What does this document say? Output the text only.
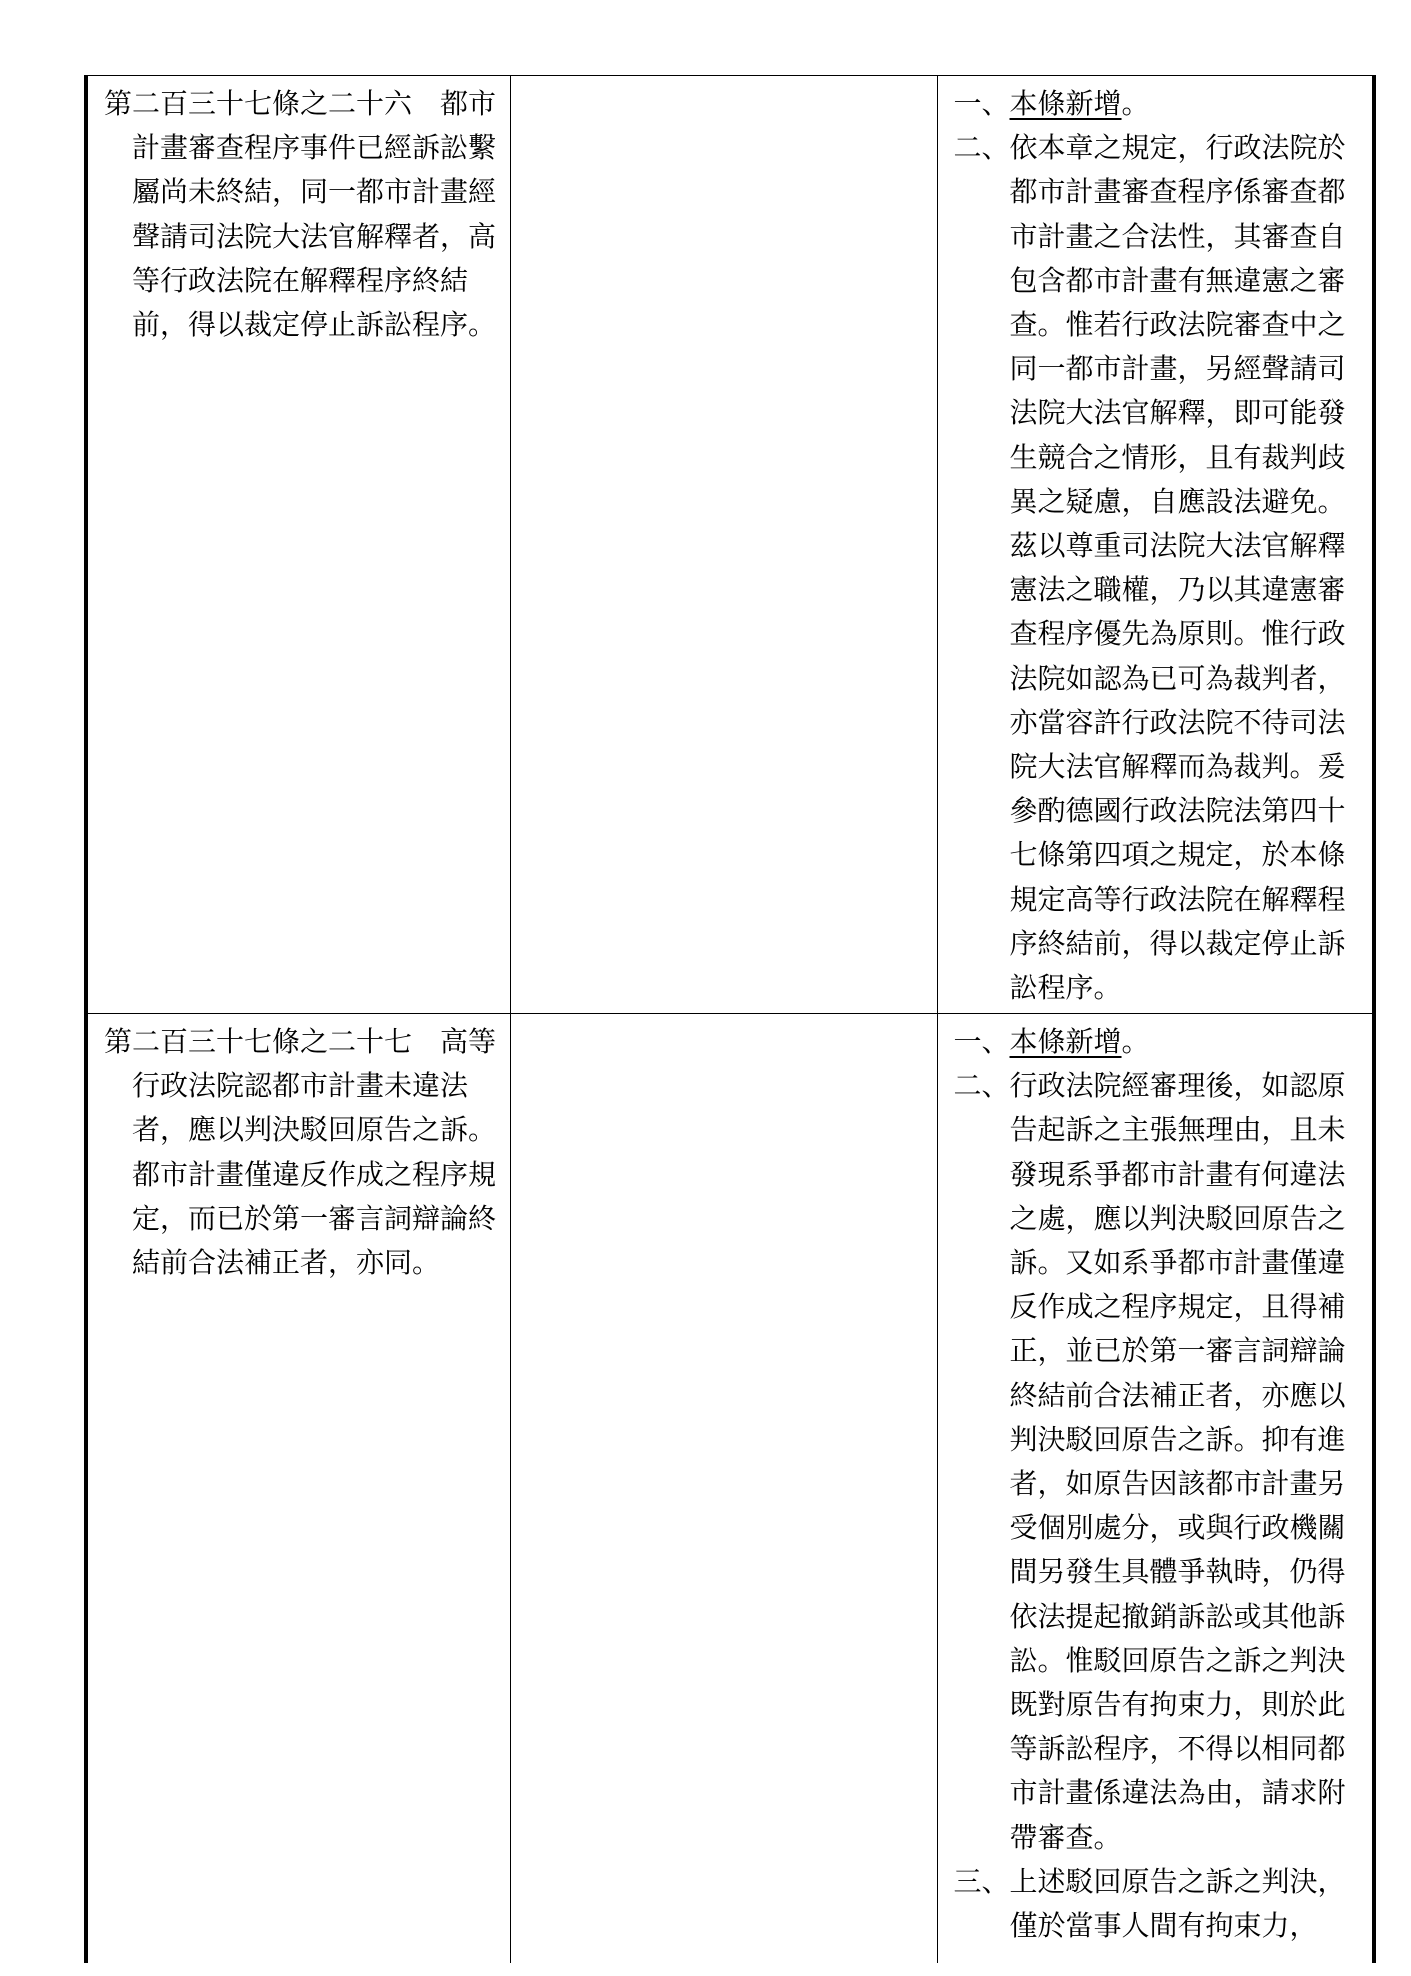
第二百三十七條之二十六　都市計畫審查程序事件已經訴訟繫屬尚未終結，同一都市計畫經聲請司法院大法官解釋者，高等行政法院在解釋程序終結前，得以裁定停止訴訟程序。		一、本條新增。

二、依本章之規定，行政法院於都市計畫審查程序係審查都市計畫之合法性，其審查自包含都市計畫有無違憲之審查。惟若行政法院審查中之同一都市計畫，另經聲請司法院大法官解釋，即可能發生競合之情形，且有裁判歧異之疑慮，自應設法避免。茲以尊重司法院大法官解釋憲法之職權，乃以其違憲審查程序優先為原則。惟行政法院如認為已可為裁判者，亦當容許行政法院不待司法院大法官解釋而為裁判。爰參酌德國行政法院法第四十七條第四項之規定，於本條規定高等行政法院在解釋程序終結前，得以裁定停止訴訟程序。

第二百三十七條之二十七　高等行政法院認都市計畫未違法者，應以判決駁回原告之訴。都市計畫僅違反作成之程序規定，而已於第一審言詞辯論終結前合法補正者，亦同。		一、本條新增。

二、行政法院經審理後，如認原告起訴之主張無理由，且未發現系爭都市計畫有何違法之處，應以判決駁回原告之訴。又如系爭都市計畫僅違反作成之程序規定，且得補正，並已於第一審言詞辯論終結前合法補正者，亦應以判決駁回原告之訴。抑有進者，如原告因該都市計畫另受個別處分，或與行政機關間另發生具體爭執時，仍得依法提起撤銷訴訟或其他訴訟。惟駁回原告之訴之判決既對原告有拘束力，則於此等訴訟程序，不得以相同都市計畫係違法為由，請求附帶審查。

三、上述駁回原告之訴之判決，僅於當事人間有拘束力，
